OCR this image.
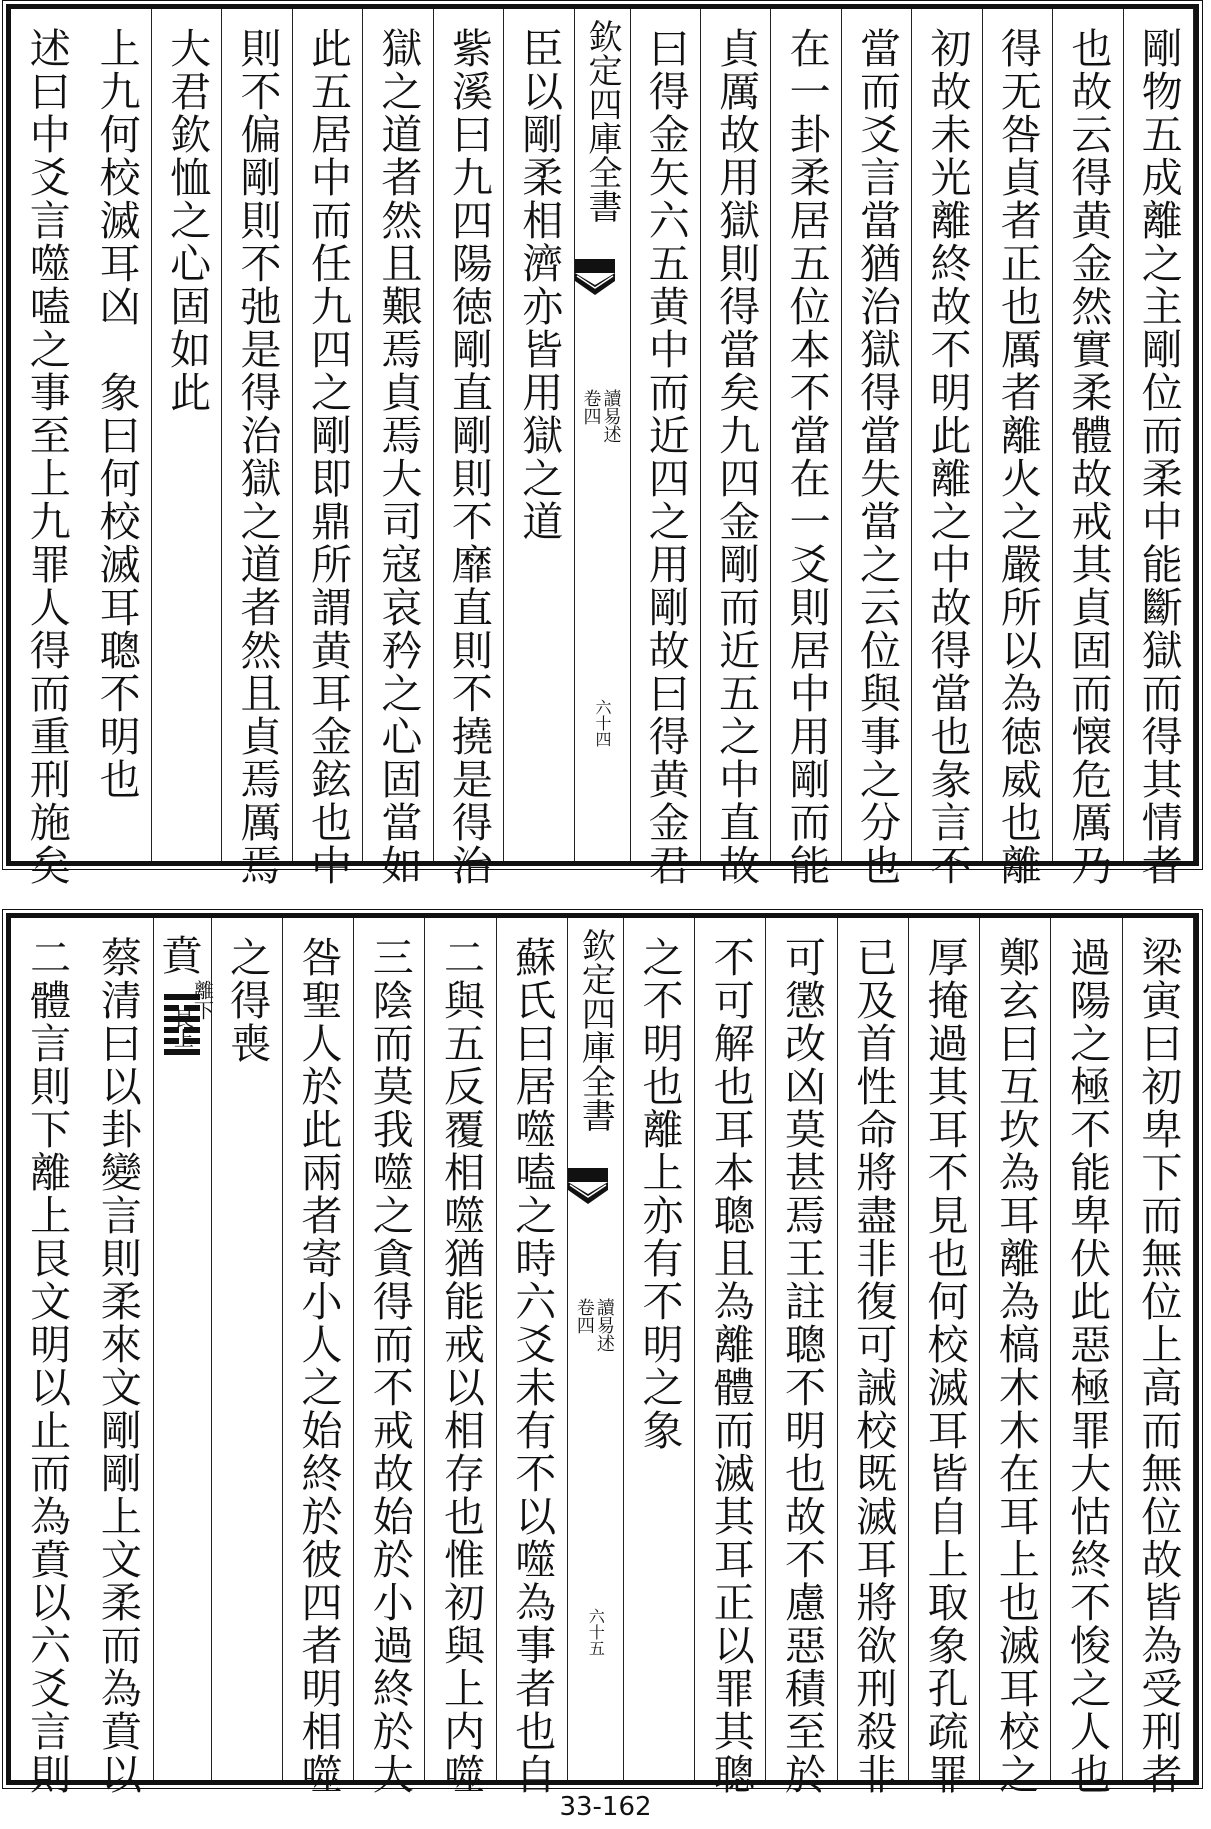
剛物五成離之主剛位而柔中能斷獄而得其情者
也故云得黄金然實柔體故戒其貞固而懐危厲乃
得无咎貞者正也厲者離火之嚴所以為徳威也離
初故未光離終故不明此離之中故得當也彖言不
當而爻言當猶治獄得當失當之云位與事之分也
在一卦柔居五位本不當在一爻則居中用剛而能
貞厲故用獄則得當矣九四金剛而近五之中直故
曰得金矢六五黄中而近四之用剛故曰得黄金君
欽定四庫全書
讀易述
卷四
六十四
臣以剛柔相濟亦皆用獄之道
紫溪曰九四陽徳剛直剛則不靡直則不撓是得治
獄之道者然且艱焉貞焉大司寇哀矜之心固當如
此五居中而任九四之剛即鼎所謂黄耳金鉉也中
則不偏剛則不弛是得治獄之道者然且貞焉厲焉
大君欽恤之心固如此
上九何校滅耳凶　象曰何校滅耳聰不明也
述曰中爻言噬嗑之事至上九罪人得而重刑施矣
梁寅曰初卑下而無位上高而無位故皆為受刑者
過陽之極不能卑伏此惡極罪大怙終不悛之人也
鄭玄曰互坎為耳離為槁木木在耳上也滅耳校之
厚掩過其耳不見也何校滅耳皆自上取象孔疏罪
已及首性命將盡非復可誡校既滅耳將欲刑殺非
可懲改凶莫甚焉王註聰不明也故不慮惡積至於
不可解也耳本聰且為離體而滅其耳正以罪其聰
之不明也離上亦有不明之象
欽定四庫全書
讀易述
卷四
六十五
蘇氏曰居噬嗑之時六爻未有不以噬為事者也自
二與五反覆相噬猶能戒以相存也惟初與上内噬
三陰而莫我噬之貪得而不戒故始於小過終於大
咎聖人於此兩者寄小人之始終於彼四者明相噬
之得喪
賁
離下
艮上
蔡清曰以卦變言則柔來文剛剛上文柔而為賁以
二體言則下離上艮文明以止而為賁以六爻言則
33-162
